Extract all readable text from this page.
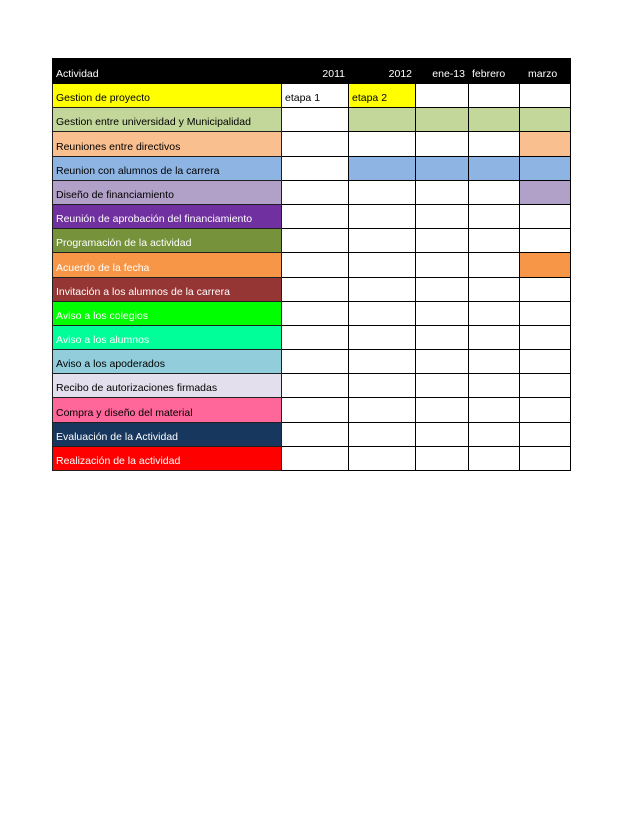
Actividad	2011	2012	ene-13	febrero	marzo
Gestion de proyecto	etapa 1	etapa 2			
Gestion entre universidad y Municipalidad					
Reuniones entre directivos					
Reunion con alumnos de la carrera					
Diseño de financiamiento					
Reunión de aprobación del financiamiento					
Programación de la actividad					
Acuerdo de la fecha					
Invitación a los alumnos de la carrera					
Aviso a los colegios					
Aviso a los alumnos					
Aviso a los apoderados					
Recibo de autorizaciones firmadas					
Compra y diseño del material					
Evaluación de la Actividad					
Realización de la actividad					
